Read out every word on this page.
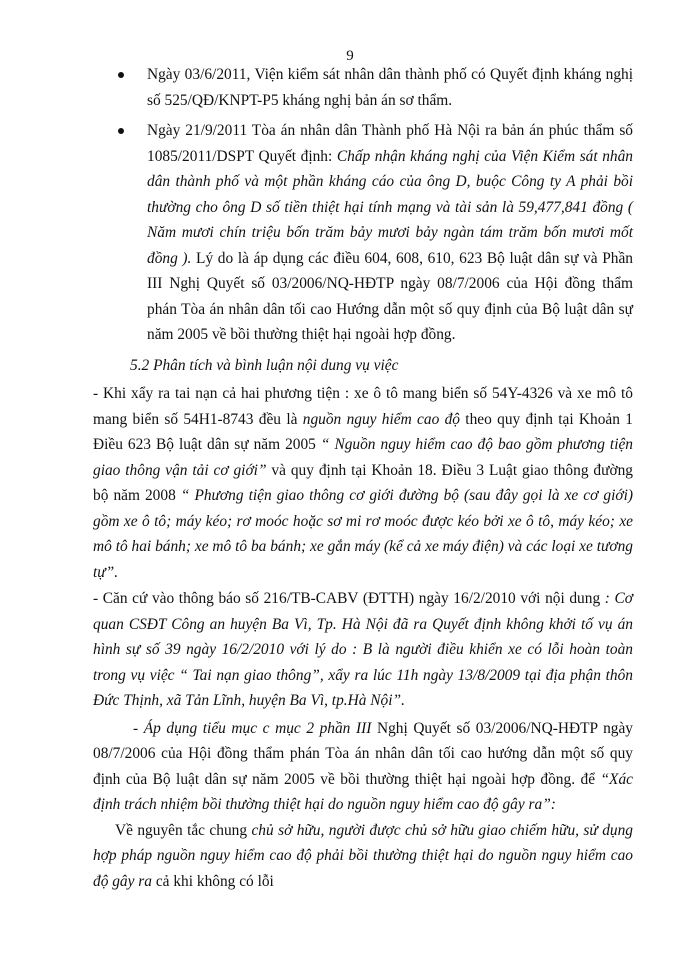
9
Ngày 03/6/2011, Viện kiểm sát nhân dân thành phố có Quyết định kháng nghị số 525/QĐ/KNPT-P5 kháng nghị bản án sơ thẩm.
Ngày 21/9/2011 Tòa án nhân dân Thành phố Hà Nội ra bản án phúc thẩm số 1085/2011/DSPT Quyết định: Chấp nhận kháng nghị của Viện Kiểm sát nhân dân thành phố và một phần kháng cáo của ông D, buộc Công ty A phải bồi thường cho ông D số tiền thiệt hại tính mạng và tài sản là 59,477,841 đồng ( Năm mươi chín triệu bốn trăm bảy mươi bảy ngàn tám trăm bốn mươi mốt đồng ). Lý do là áp dụng các điều 604, 608, 610, 623 Bộ luật dân sự và Phần III Nghị Quyết số 03/2006/NQ-HĐTP ngày 08/7/2006 của Hội đồng thẩm phán Tòa án nhân dân tối cao Hướng dẫn một số quy định của Bộ luật dân sự năm 2005 về bồi thường thiệt hại ngoài hợp đồng.
5.2 Phân tích và bình luận nội dung vụ việc

- Khi xẩy ra tai nạn cả hai phương tiện : xe ô tô mang biển số 54Y-4326 và xe mô tô mang biển số 54H1-8743 đều là nguồn nguy hiểm cao độ theo quy định tại Khoản 1 Điều 623 Bộ luật dân sự năm 2005 “ Nguồn nguy hiểm cao độ bao gồm phương tiện giao thông vận tải cơ giới” và quy định tại Khoản 18. Điều 3 Luật giao thông đường bộ năm 2008 “ Phương tiện giao thông cơ giới đường bộ (sau đây gọi là xe cơ giới) gồm xe ô tô; máy kéo; rơ moóc hoặc sơ mi rơ moóc được kéo bởi xe ô tô, máy kéo; xe mô tô hai bánh; xe mô tô ba bánh; xe gắn máy (kể cả xe máy điện) và các loại xe tương tự”.

- Căn cứ vào thông báo số 216/TB-CABV (ĐTTH) ngày 16/2/2010 với nội dung : Cơ quan CSĐT Công an huyện Ba Vì, Tp. Hà Nội đã ra Quyết định không khởi tố vụ án hình sự số 39 ngày 16/2/2010 với lý do : B là người điều khiển xe có lỗi hoàn toàn trong vụ việc “ Tai nạn giao thông”, xẩy ra lúc 11h ngày 13/8/2009 tại địa phận thôn Đức Thịnh, xã Tản Lĩnh, huyện Ba Vì, tp.Hà Nội”.

- Áp dụng tiểu mục c mục 2 phần III Nghị Quyết số 03/2006/NQ-HĐTP ngày 08/7/2006 của Hội đồng thẩm phán Tòa án nhân dân tối cao hướng dẫn một số quy định của Bộ luật dân sự năm 2005 về bồi thường thiệt hại ngoài hợp đồng. để “Xác định trách nhiệm bồi thường thiệt hại do nguồn nguy hiểm cao độ gây ra”:

Về nguyên tắc chung chủ sở hữu, người được chủ sở hữu giao chiếm hữu, sử dụng hợp pháp nguồn nguy hiểm cao độ phải bồi thường thiệt hại do nguồn nguy hiểm cao độ gây ra cả khi không có lỗi
